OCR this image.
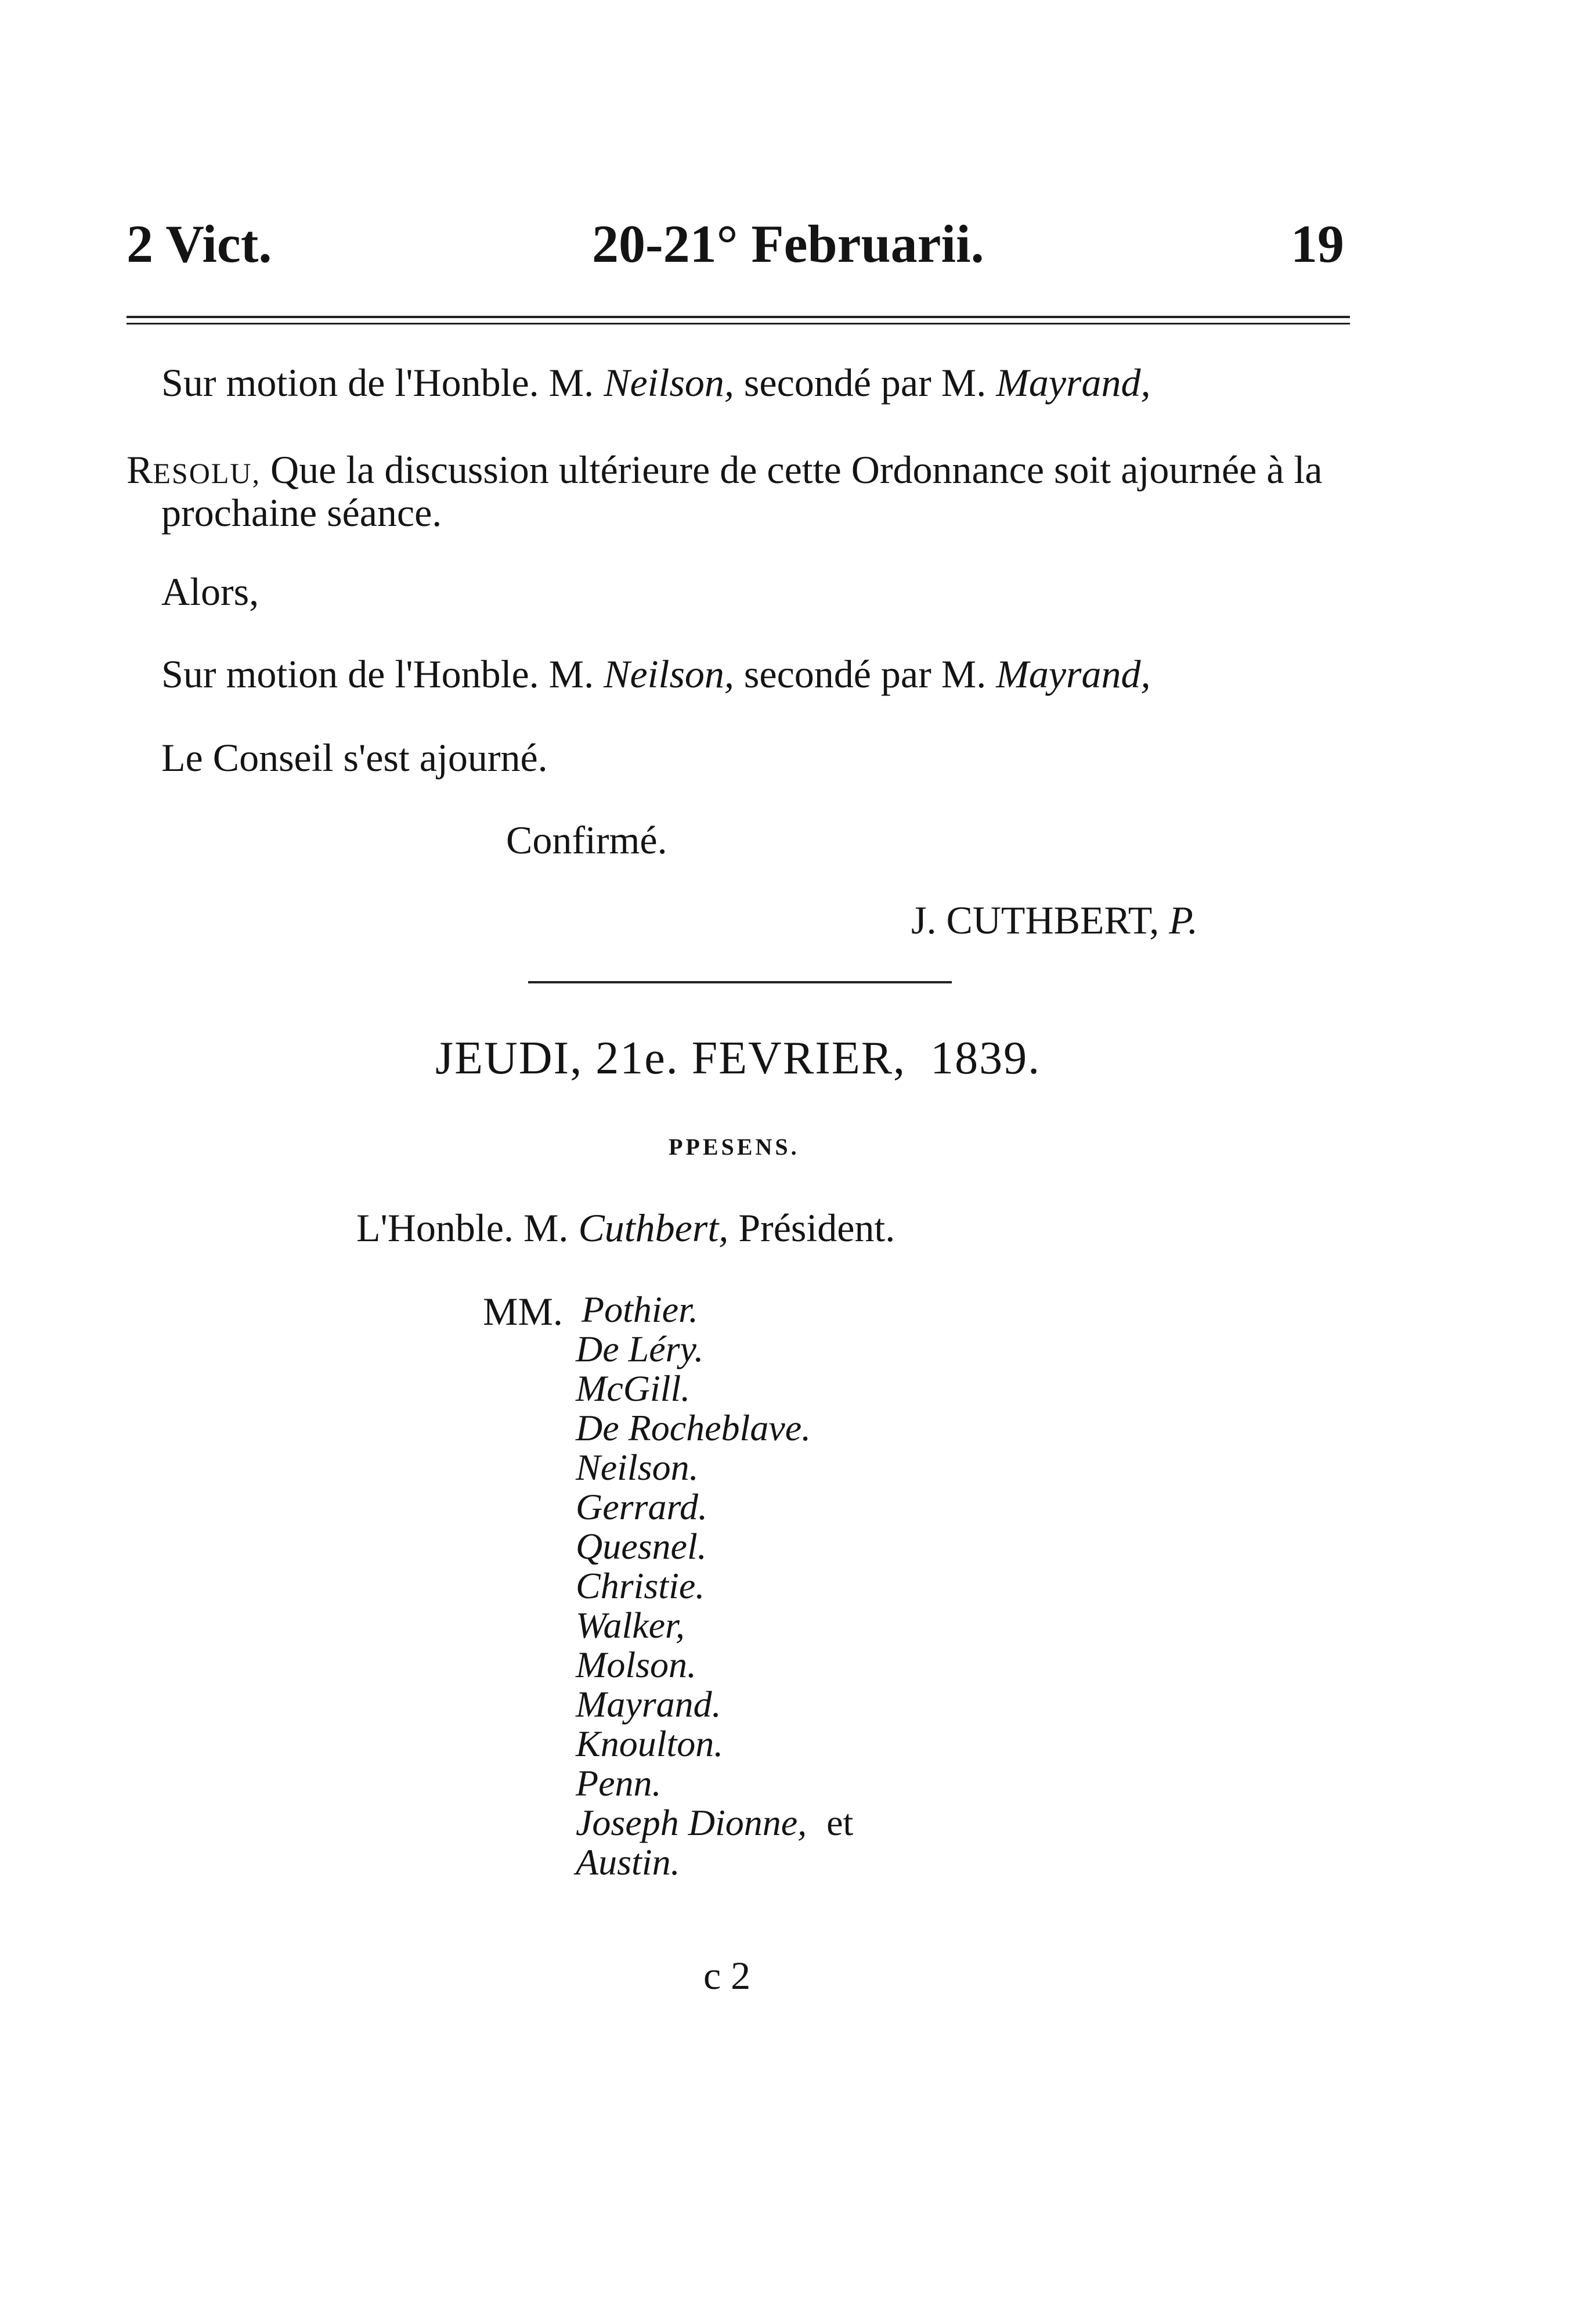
2 Vict.	20-21° Februarii.	19
Sur motion de l'Honble. M. Neilson, secondé par M. Mayrand,
RESOLU, Que la discussion ultérieure de cette Ordonnance soit ajournée à la
prochaine séance.
Alors,
Sur motion de l'Honble. M. Neilson, secondé par M. Mayrand,
Le Conseil s'est ajourné.
Confirmé.
J. CUTHBERT, P.
JEUDI, 21e. FEVRIER, 1839.
PPESENS.
L'Honble. M. Cuthbert, Président.
MM. Pothier.
De Léry.
McGill.
De Rocheblave.
Neilson.
Gerrard.
Quesnel.
Christie.
Walker,
Molson.
Mayrand.
Knoulton.
Penn.
Joseph Dionne, et
Austin.
c 2
